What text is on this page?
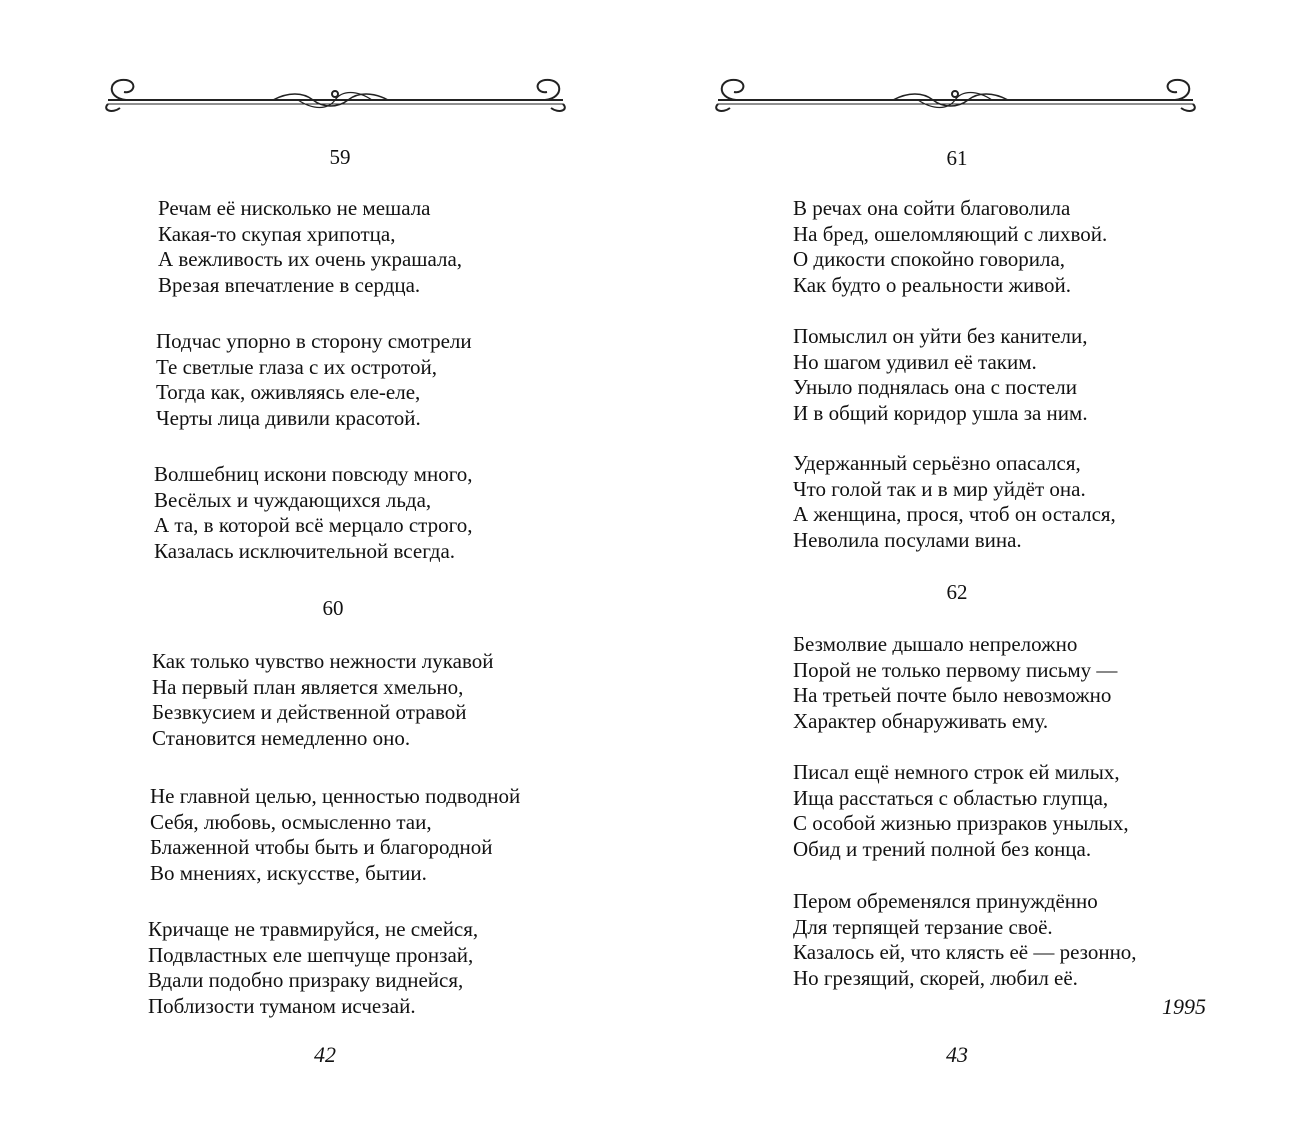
59
Речам её нисколько не мешала
Какая-то скупая хрипотца,
А вежливость их очень украшала,
Врезая впечатление в сердца.
Подчас упорно в сторону смотрели
Те светлые глаза с их остротой,
Тогда как, оживляясь еле-еле,
Черты лица дивили красотой.
Волшебниц искони повсюду много,
Весёлых и чуждающихся льда,
А та, в которой всё мерцало строго,
Казалась исключительной всегда.
60
Как только чувство нежности лукавой
На первый план является хмельно,
Безвкусием и действенной отравой
Становится немедленно оно.
Не главной целью, ценностью подводной
Себя, любовь, осмысленно таи,
Блаженной чтобы быть и благородной
Во мнениях, искусстве, бытии.
Кричаще не травмируйся, не смейся,
Подвластных еле шепчуще пронзай,
Вдали подобно призраку виднейся,
Поблизости туманом исчезай.
42
61
В речах она сойти благоволила
На бред, ошеломляющий с лихвой.
О дикости спокойно говорила,
Как будто о реальности живой.
Помыслил он уйти без канители,
Но шагом удивил её таким.
Уныло поднялась она с постели
И в общий коридор ушла за ним.
Удержанный серьёзно опасался,
Что голой так и в мир уйдёт она.
А женщина, прося, чтоб он остался,
Неволила посулами вина.
62
Безмолвие дышало непреложно
Порой не только первому письму —
На третьей почте было невозможно
Характер обнаруживать ему.
Писал ещё немного строк ей милых,
Ища расстаться с областью глупца,
С особой жизнью призраков унылых,
Обид и трений полной без конца.
Пером обременялся принуждённо
Для терпящей терзание своё.
Казалось ей, что клясть её — резонно,
Но грезящий, скорей, любил её.
1995
43
